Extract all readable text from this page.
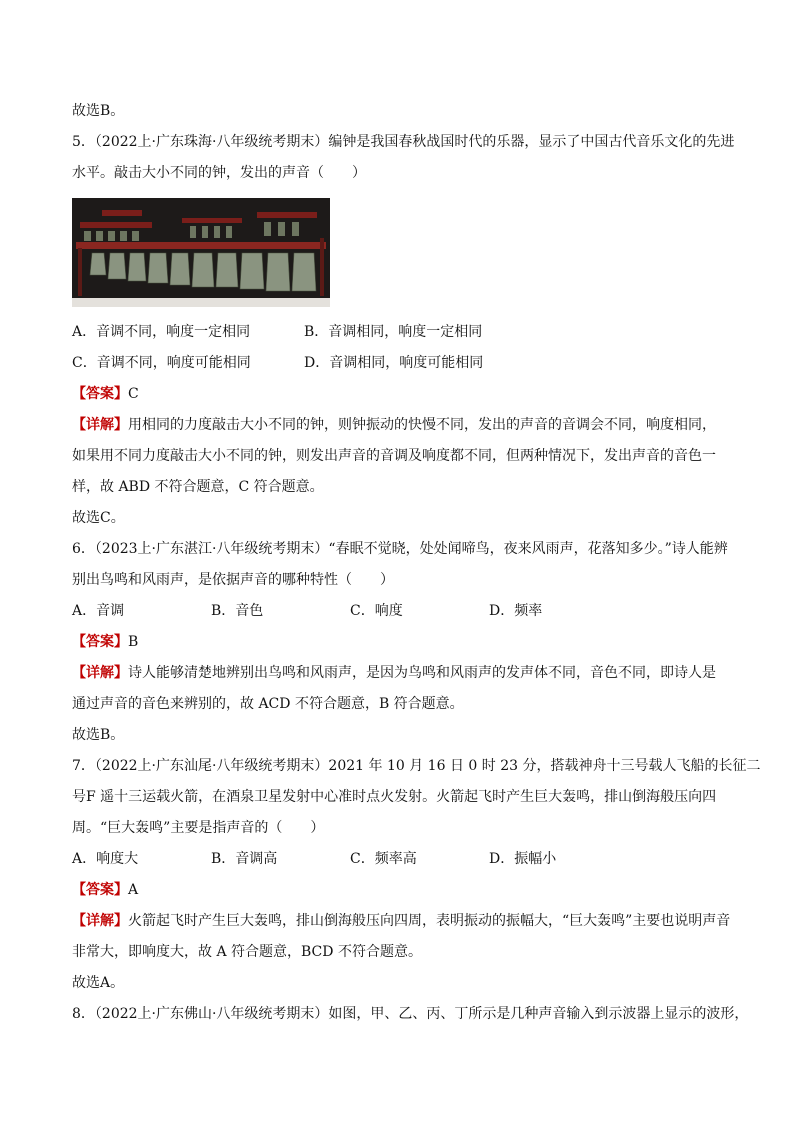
故选B。
5．（2022上·广东珠海·八年级统考期末）编钟是我国春秋战国时代的乐器，显示了中国古代音乐文化的先进
水平。敲击大小不同的钟，发出的声音（　　）
A．音调不同，响度一定相同	B．音调相同，响度一定相同
C．音调不同，响度可能相同	D．音调相同，响度可能相同
【答案】C
【详解】用相同的力度敲击大小不同的钟，则钟振动的快慢不同，发出的声音的音调会不同，响度相同，
如果用不同力度敲击大小不同的钟，则发出声音的音调及响度都不同，但两种情况下，发出声音的音色一
样，故 ABD 不符合题意，C 符合题意。
故选C。
6．（2023上·广东湛江·八年级统考期末）“春眠不觉晓，处处闻啼鸟，夜来风雨声，花落知多少。”诗人能辨
别出鸟鸣和风雨声，是依据声音的哪种特性（　　）
A．音调	B．音色	C．响度	D．频率
【答案】B
【详解】诗人能够清楚地辨别出鸟鸣和风雨声，是因为鸟鸣和风雨声的发声体不同，音色不同，即诗人是
通过声音的音色来辨别的，故 ACD 不符合题意，B 符合题意。
故选B。
7．（2022上·广东汕尾·八年级统考期末）2021 年 10 月 16 日 0 时 23 分，搭载神舟十三号载人飞船的长征二
号F 遥十三运载火箭，在酒泉卫星发射中心准时点火发射。火箭起飞时产生巨大轰鸣，排山倒海般压向四
周。“巨大轰鸣”主要是指声音的（　　）
A．响度大	B．音调高	C．频率高	D．振幅小
【答案】A
【详解】火箭起飞时产生巨大轰鸣，排山倒海般压向四周，表明振动的振幅大，“巨大轰鸣”主要也说明声音
非常大，即响度大，故 A 符合题意，BCD 不符合题意。
故选A。
8．（2022上·广东佛山·八年级统考期末）如图，甲、乙、丙、丁所示是几种声音输入到示波器上显示的波形，
